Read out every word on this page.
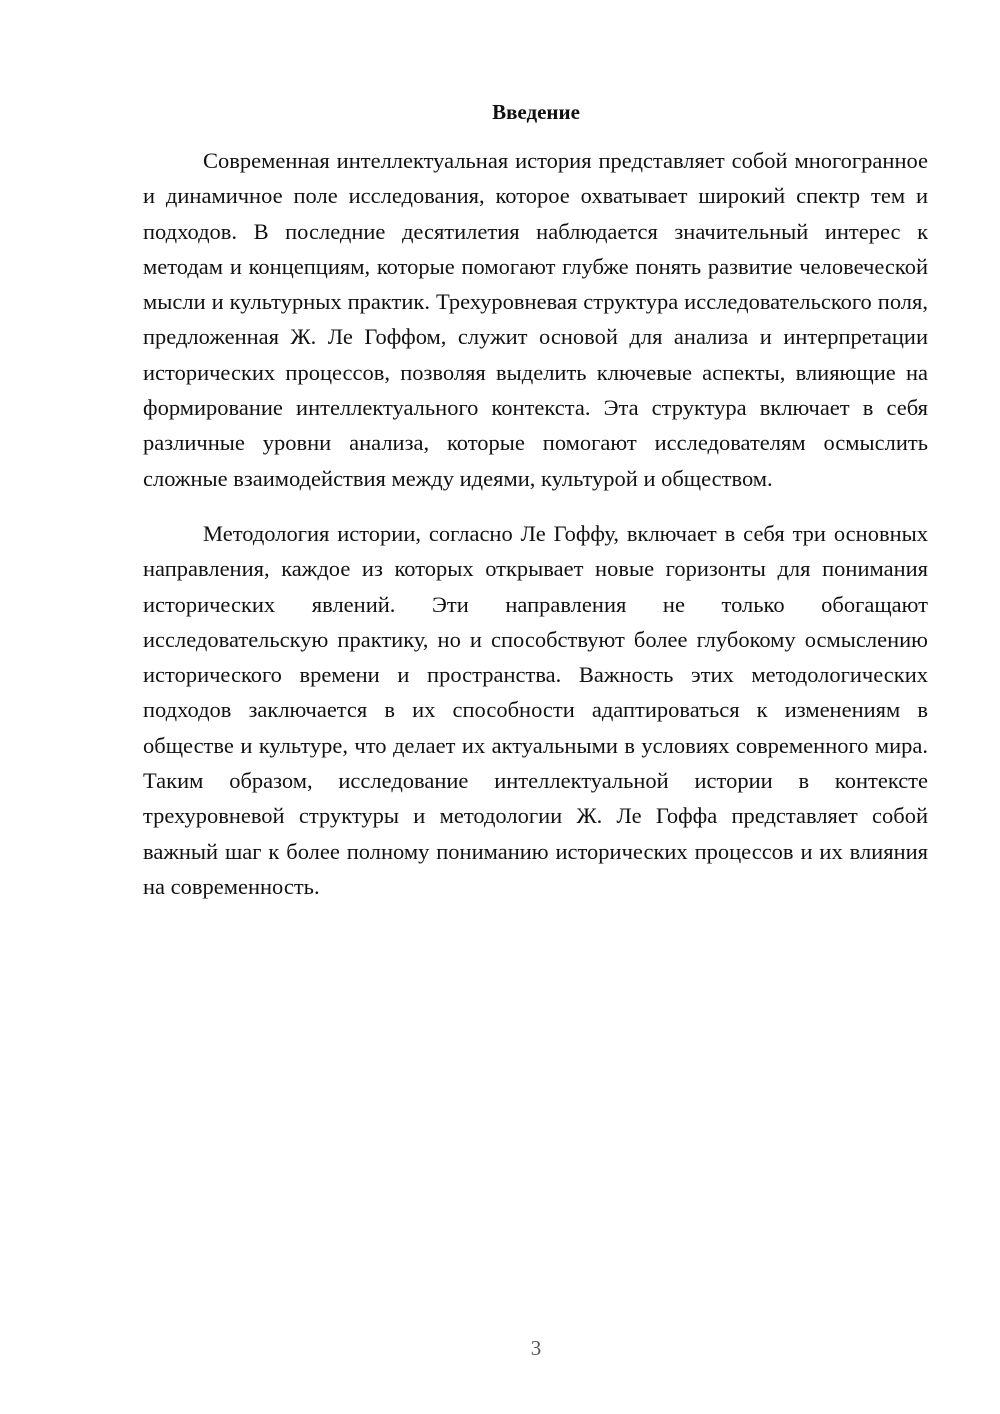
Введение

Современная интеллектуальная история представляет собой многогранное и динамичное поле исследования, которое охватывает широкий спектр тем и подходов. В последние десятилетия наблюдается значительный интерес к методам и концепциям, которые помогают глубже понять развитие человеческой мысли и культурных практик. Трехуровневая структура исследовательского поля, предложенная Ж. Ле Гоффом, служит основой для анализа и интерпретации исторических процессов, позволяя выделить ключевые аспекты, влияющие на формирование интеллектуального контекста. Эта структура включает в себя различные уровни анализа, которые помогают исследователям осмыслить сложные взаимодействия между идеями, культурой и обществом.

Методология истории, согласно Ле Гоффу, включает в себя три основных направления, каждое из которых открывает новые горизонты для понимания исторических явлений. Эти направления не только обогащают исследовательскую практику, но и способствуют более глубокому осмыслению исторического времени и пространства. Важность этих методологических подходов заключается в их способности адаптироваться к изменениям в обществе и культуре, что делает их актуальными в условиях современного мира. Таким образом, исследование интеллектуальной истории в контексте трехуровневой структуры и методологии Ж. Ле Гоффа представляет собой важный шаг к более полному пониманию исторических процессов и их влияния на современность.

3
